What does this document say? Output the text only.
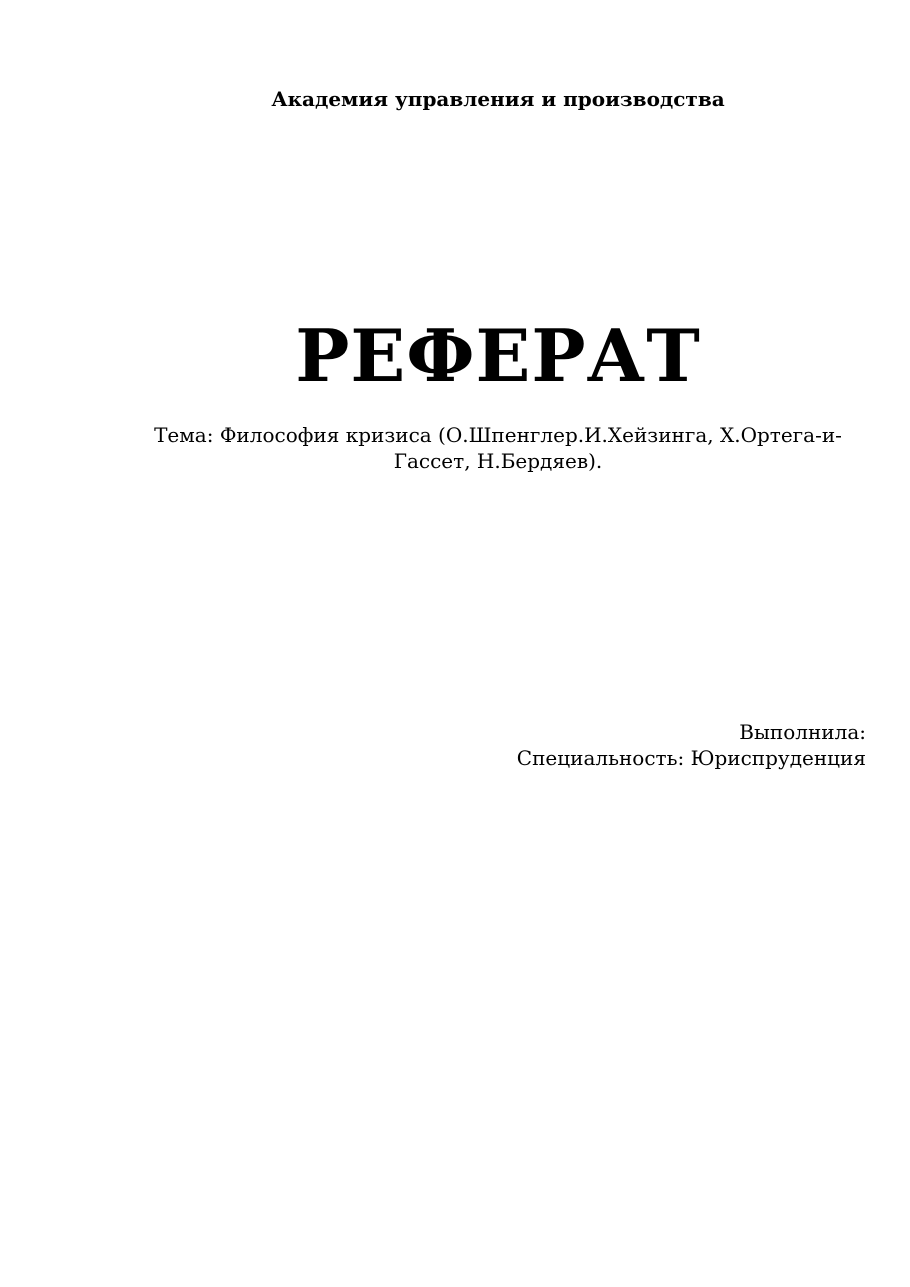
Академия управления и производства
РЕФЕРАТ
Тема: Философия кризиса (О.Шпенглер.И.Хейзинга, Х.Ортега-и-
Гассет, Н.Бердяев).
Выполнила:
Специальность: Юриспруденция
